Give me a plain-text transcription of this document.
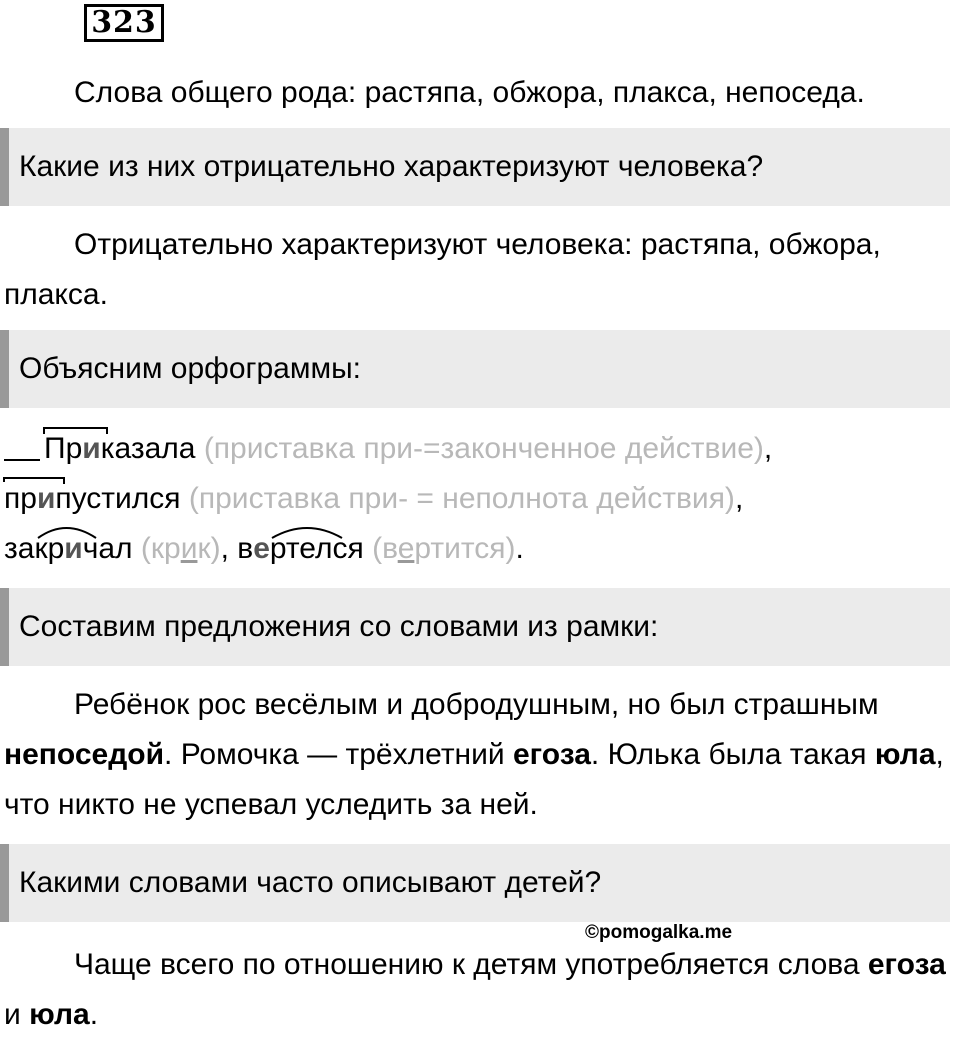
323

Слова общего рода: растяпа, обжора, плакса, непоседа.

Какие из них отрицательно характеризуют человека?

Отрицательно характеризуют человека: растяпа, обжора, плакса.

Объясним орфограммы:
Приказала (приставка при-=законченное действие),
припустился (приставка при- = неполнота действия),
закричал (крик), вертелся (вертится).
Составим предложения со словами из рамки:

Ребёнок рос весёлым и добродушным, но был страшным непоседой. Ромочка — трёхлетний егоза. Юлька была такая юла, что никто не успевал уследить за ней.

Какими словами часто описывают детей?
©pomogalka.me

Чаще всего по отношению к детям употребляется слова егоза и юла.
